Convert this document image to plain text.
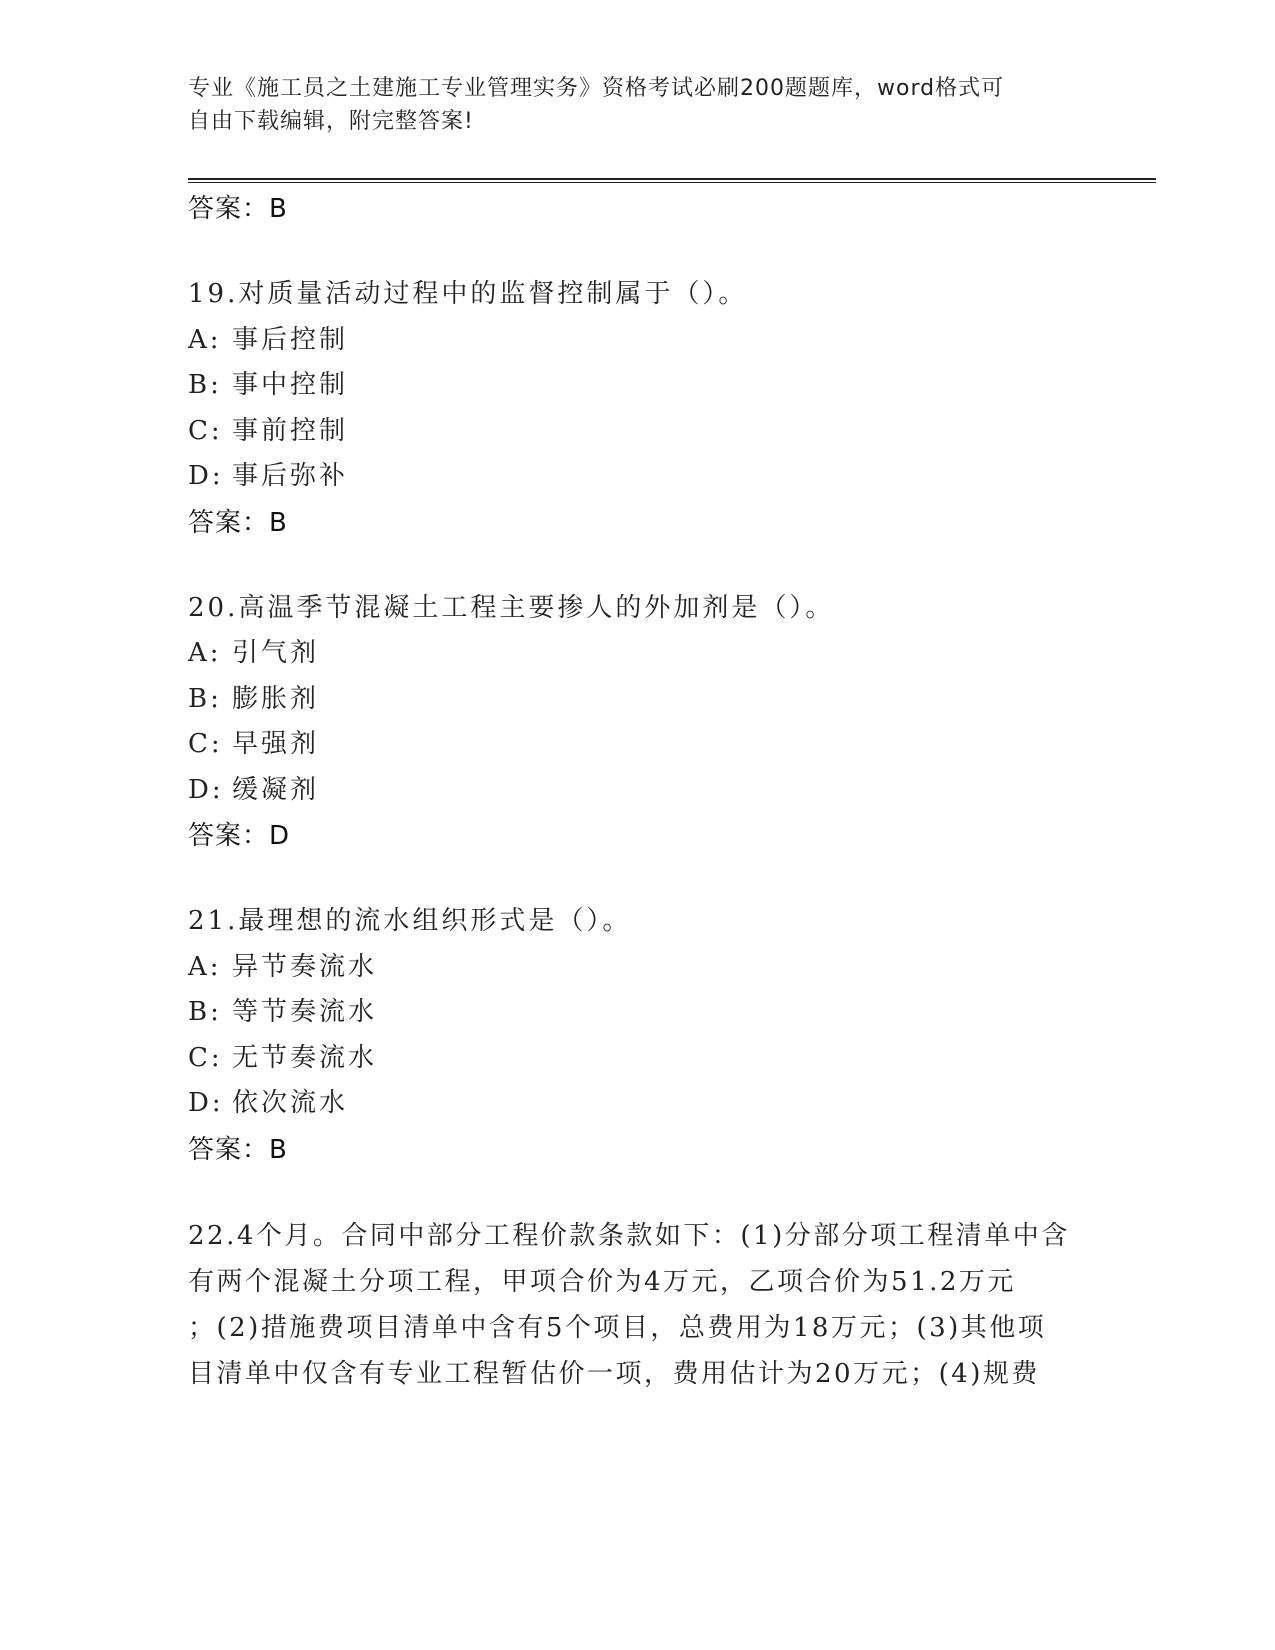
专业《施工员之土建施工专业管理实务》资格考试必刷200题题库，word格式可
自由下载编辑，附完整答案!
答案：B
19.对质量活动过程中的监督控制属于（）。
A: 事后控制
B: 事中控制
C: 事前控制
D: 事后弥补
答案：B
20.高温季节混凝土工程主要掺人的外加剂是（）。
A: 引气剂
B: 膨胀剂
C: 早强剂
D: 缓凝剂
答案：D
21.最理想的流水组织形式是（）。
A: 异节奏流水
B: 等节奏流水
C: 无节奏流水
D: 依次流水
答案：B
22.4个月。合同中部分工程价款条款如下：(1)分部分项工程清单中含
有两个混凝土分项工程，甲项合价为4万元，乙项合价为51.2万元
；(2)措施费项目清单中含有5个项目，总费用为18万元；(3)其他项
目清单中仅含有专业工程暂估价一项，费用估计为20万元；(4)规费
